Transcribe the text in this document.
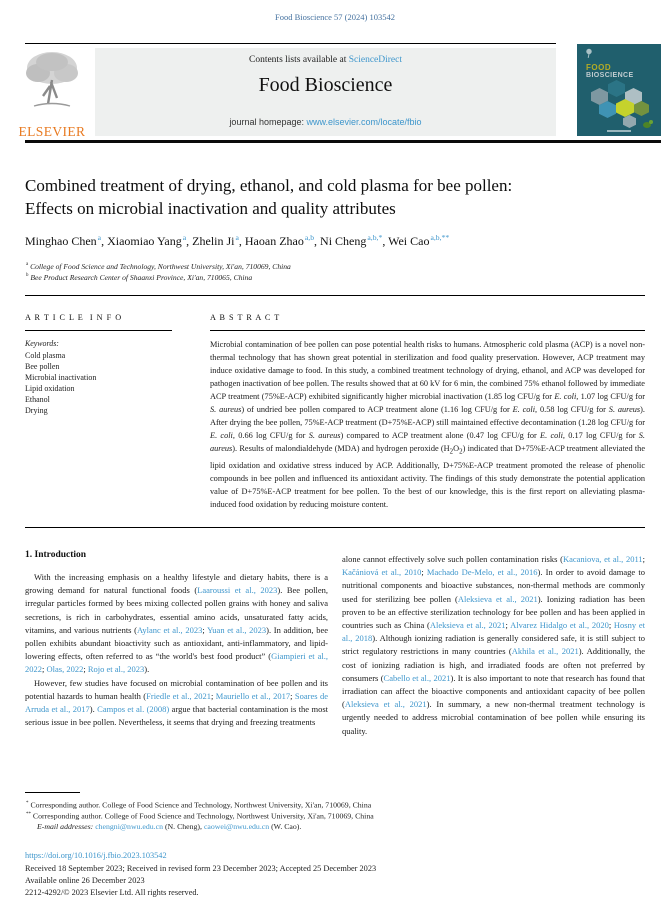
Food Bioscience 57 (2024) 103542
ELSEVIER
Contents lists available at ScienceDirect
Food Bioscience
journal homepage: www.elsevier.com/locate/fbio
FOOD
BIOSCIENCE
Combined treatment of drying, ethanol, and cold plasma for bee pollen:
Effects on microbial inactivation and quality attributes
Minghao Chen$^a$, Xiaomiao Yang$^a$, Zhelin Ji$^a$, Haoan Zhao$^{a,b}$, Ni Cheng$^{a,b,*}$, Wei Cao$^{a,b,**}$
$^a$ College of Food Science and Technology, Northwest University, Xi'an, 710069, China
$^b$ Bee Product Research Center of Shaanxi Province, Xi'an, 710065, China
A R T I C L E  I N F O
Keywords:
Cold plasma
Bee pollen
Microbial inactivation
Lipid oxidation
Ethanol
Drying
A B S T R A C T
Microbial contamination of bee pollen can pose potential health risks to humans. Atmospheric cold plasma (ACP) is a novel non-thermal technology that has shown great potential in sterilization and food quality preservation. However, ACP treatment may induce oxidative damage to food. In this study, a combined treatment technology of drying, ethanol, and ACP was developed for pathogen inactivation of bee pollen. The results showed that at 60 kV for 6 min, the combined 75% ethanol followed by immediate ACP treatment (75%E-ACP) exhibited significantly higher microbial inactivation (1.85 log CFU/g for E. coli, 1.07 log CFU/g for S. aureus) of undried bee pollen compared to ACP treatment alone (1.16 log CFU/g for E. coli, 0.58 log CFU/g for S. aureus). After drying the bee pollen, 75%E-ACP treatment (D+75%E-ACP) still maintained effective decontamination (1.28 log CFU/g for E. coli, 0.66 log CFU/g for S. aureus) compared to ACP treatment alone (0.47 log CFU/g for E. coli, 0.17 log CFU/g for S. aureus). Results of malondialdehyde (MDA) and hydrogen peroxide $(H_2O_2)$ indicated that D+75%E-ACP treatment alleviated the lipid oxidation and oxidative stress induced by ACP. Additionally, D+75%E-ACP treatment promoted the release of phenolic compounds in bee pollen and influenced its antioxidant activity. The findings of this study demonstrate the potential application value of D+75%E-ACP treatment for bee pollen. To the best of our knowledge, this is the first report on alleviating plasma-induced food oxidation by reducing moisture content.
1. Introduction

With the increasing emphasis on a healthy lifestyle and dietary habits, there is a growing demand for natural functional foods (Laaroussi et al., 2023). Bee pollen, irregular particles formed by bees mixing collected pollen grains with honey and saliva secretions, is rich in carbohydrates, essential amino acids, unsaturated fatty acids, vitamins, and various nutrients (Aylanc et al., 2023; Yuan et al., 2023). In addition, bee pollen exhibits abundant bioactivity such as antioxidant, anti-inflammatory, and lipid-lowering effects, often referred to as “the world's best food product” (Giampieri et al., 2022; Olas, 2022; Rojo et al., 2023).

However, few studies have focused on microbial contamination of bee pollen and its potential hazards to human health (Friedle et al., 2021; Mauriello et al., 2017; Soares de Arruda et al., 2017). Campos et al. (2008) argue that bacterial contamination is the most serious issue in bee pollen. Nevertheless, it seems that drying and freezing treatments

alone cannot effectively solve such pollen contamination risks (Kacaniova, et al., 2011; Kačániová et al., 2010; Machado De-Melo, et al., 2016). In order to avoid damage to nutritional components and bioactive substances, non-thermal methods are commonly used for sterilizing bee pollen (Aleksieva et al., 2021). Ionizing radiation has been proven to be an effective sterilization technology for bee pollen and has been applied in countries such as China (Aleksieva et al., 2021; Alvarez Hidalgo et al., 2020; Hosny et al., 2018). Although ionizing radiation is generally considered safe, it is still subject to strict regulatory restrictions in many countries (Akhila et al., 2021). Additionally, the cost of ionizing radiation is high, and irradiated foods are often not preferred by consumers (Cabello et al., 2021). It is also important to note that research has found that irradiation can affect the bioactive components and antioxidant capacity of bee pollen (Aleksieva et al., 2021). In summary, a new non-thermal treatment technology is urgently needed to address microbial contamination of bee pollen while ensuring its quality.

* Corresponding author. College of Food Science and Technology, Northwest University, Xi'an, 710069, China
** Corresponding author. College of Food Science and Technology, Northwest University, Xi'an, 710069, China
E-mail addresses: chengni@nwu.edu.cn (N. Cheng), caowei@nwu.edu.cn (W. Cao).
https://doi.org/10.1016/j.fbio.2023.103542
Received 18 September 2023; Received in revised form 23 December 2023; Accepted 25 December 2023
Available online 26 December 2023
2212-4292/© 2023 Elsevier Ltd. All rights reserved.
